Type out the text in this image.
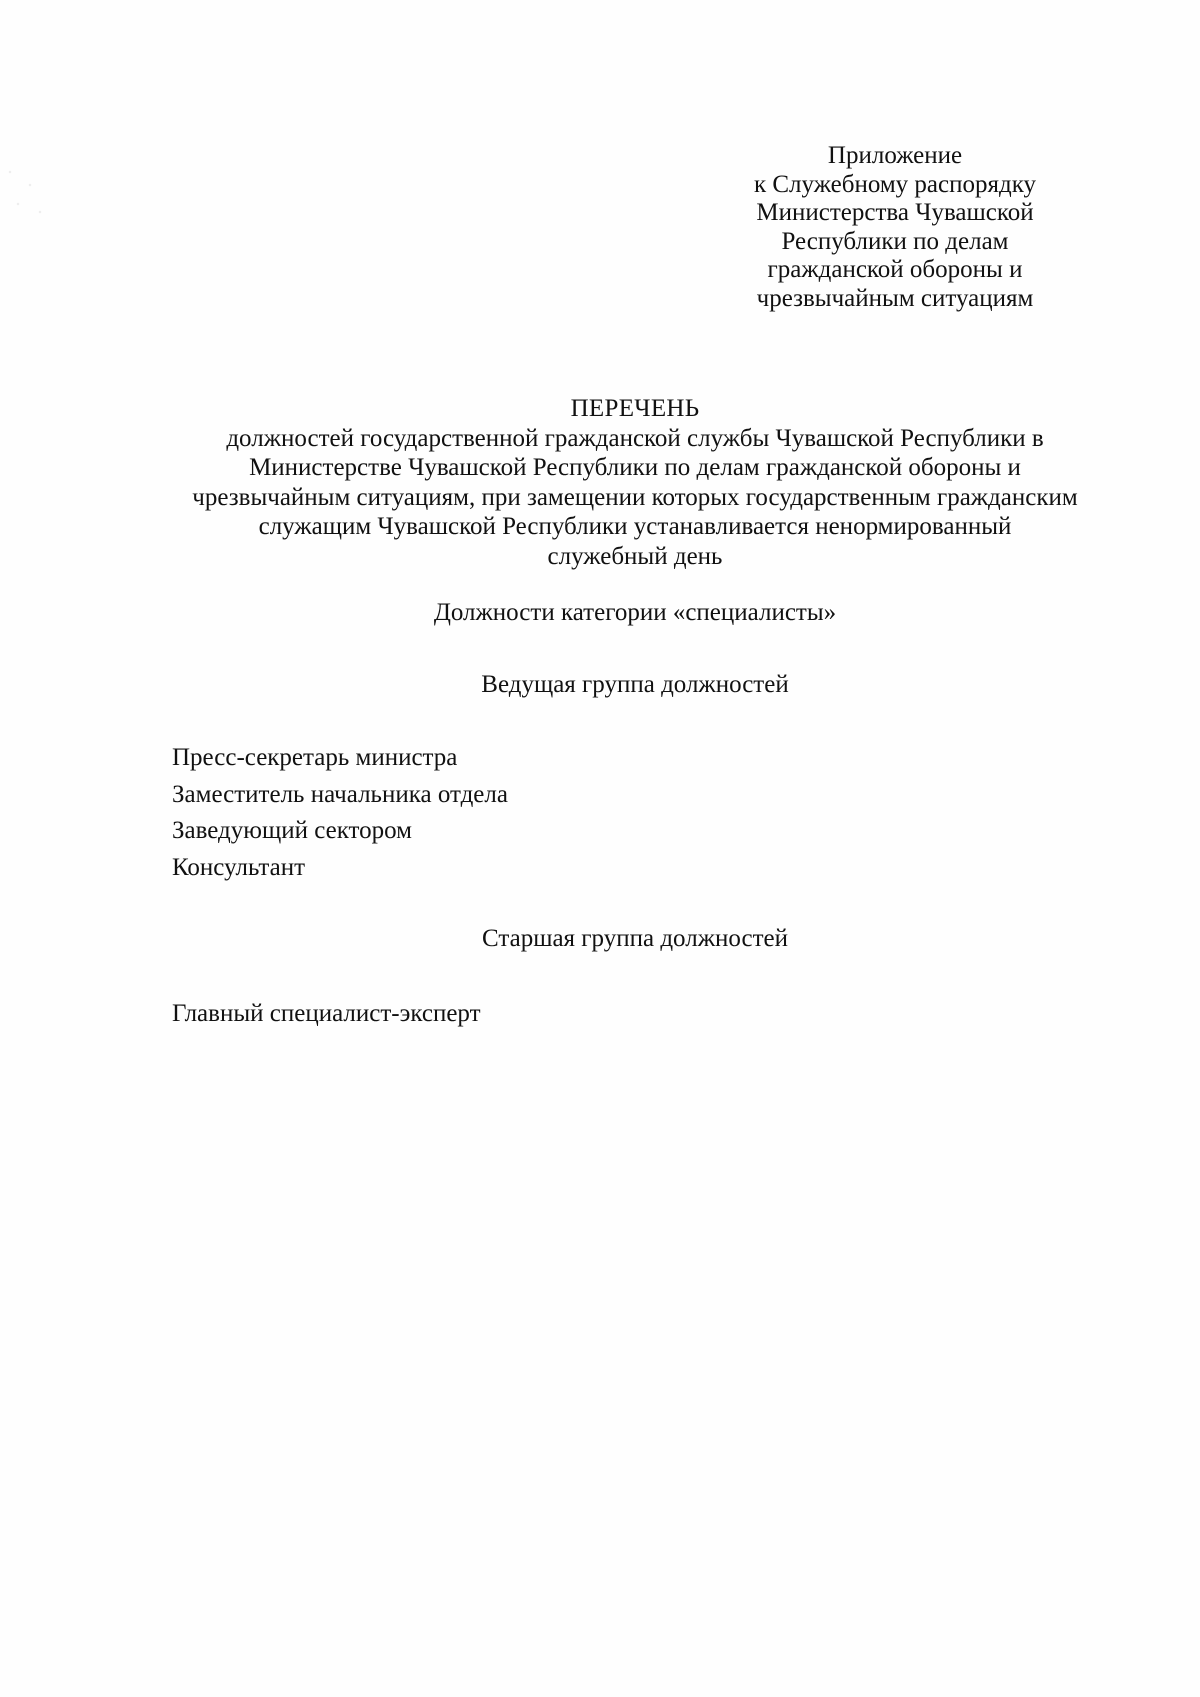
Приложение
к Служебному распорядку
Министерства Чувашской
Республики по делам
гражданской обороны и
чрезвычайным ситуациям
ПЕРЕЧЕНЬ
должностей государственной гражданской службы Чувашской Республики в
Министерстве Чувашской Республики по делам гражданской обороны и
чрезвычайным ситуациям, при замещении которых государственным гражданским
служащим Чувашской Республики устанавливается ненормированный
служебный день
Должности категории «специалисты»
Ведущая группа должностей
Пресс-секретарь министра
Заместитель начальника отдела
Заведующий сектором
Консультант
Старшая группа должностей
Главный специалист-эксперт
